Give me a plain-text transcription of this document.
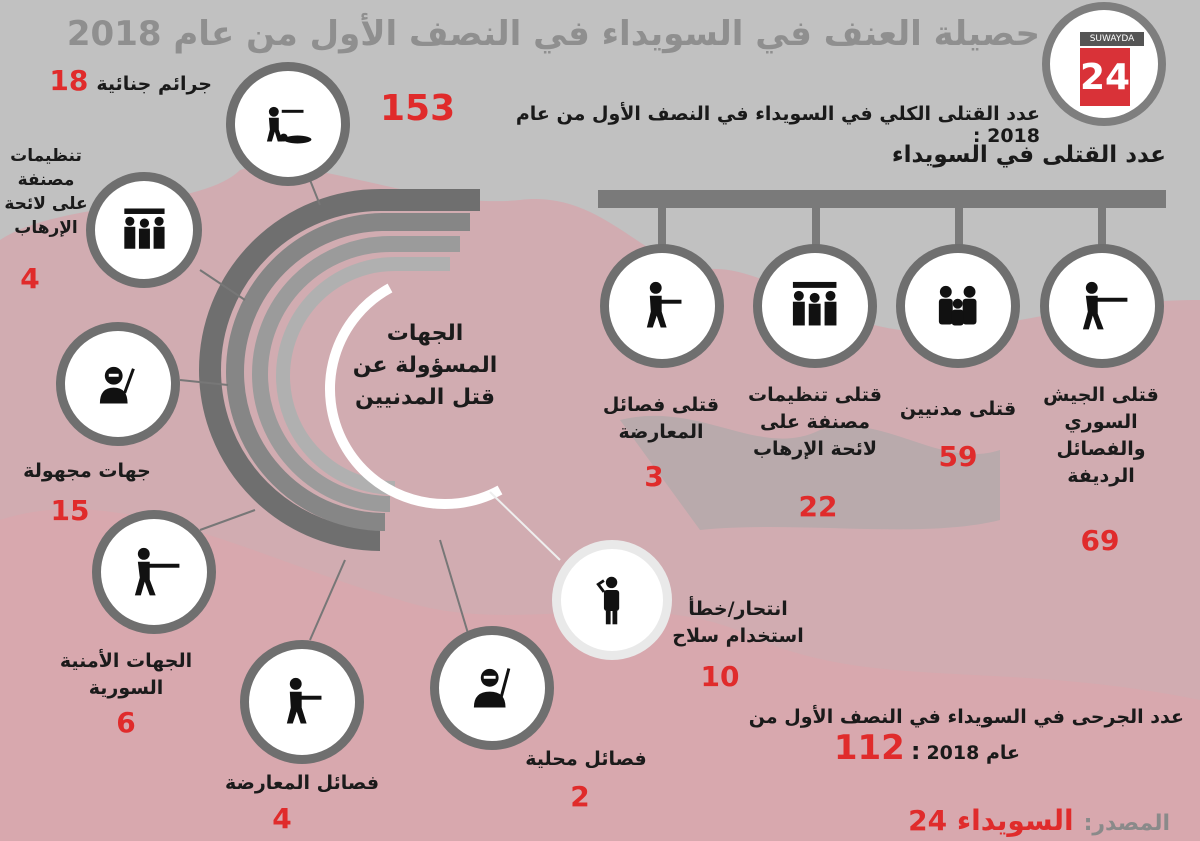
حصيلة العنف في السويداء في النصف الأول من عام 2018	SUWAYDA
24
عدد القتلى الكلي في السويداء في النصف الأول من عام 2018 :
153
عدد القتلى في السويداء
قتلى الجيش السوري والفصائل الرديفة
69
قتلى مدنيين
59
قتلى تنظيمات مصنفة على لائحة الإرهاب
22
قتلى فصائل المعارضة
3
الجهات المسؤولة عن قتل المدنيين
جرائم جنائية
18
تنظيمات مصنفة على لائحة الإرهاب
4
جهات مجهولة
15
الجهات الأمنية السورية
6
فصائل المعارضة
4
فصائل محلية
2
انتحار/خطأ استخدام سلاح
10
عدد الجرحى في السويداء في النصف الأول من
عام 2018
:
112
المصدر:
السويداء 24
